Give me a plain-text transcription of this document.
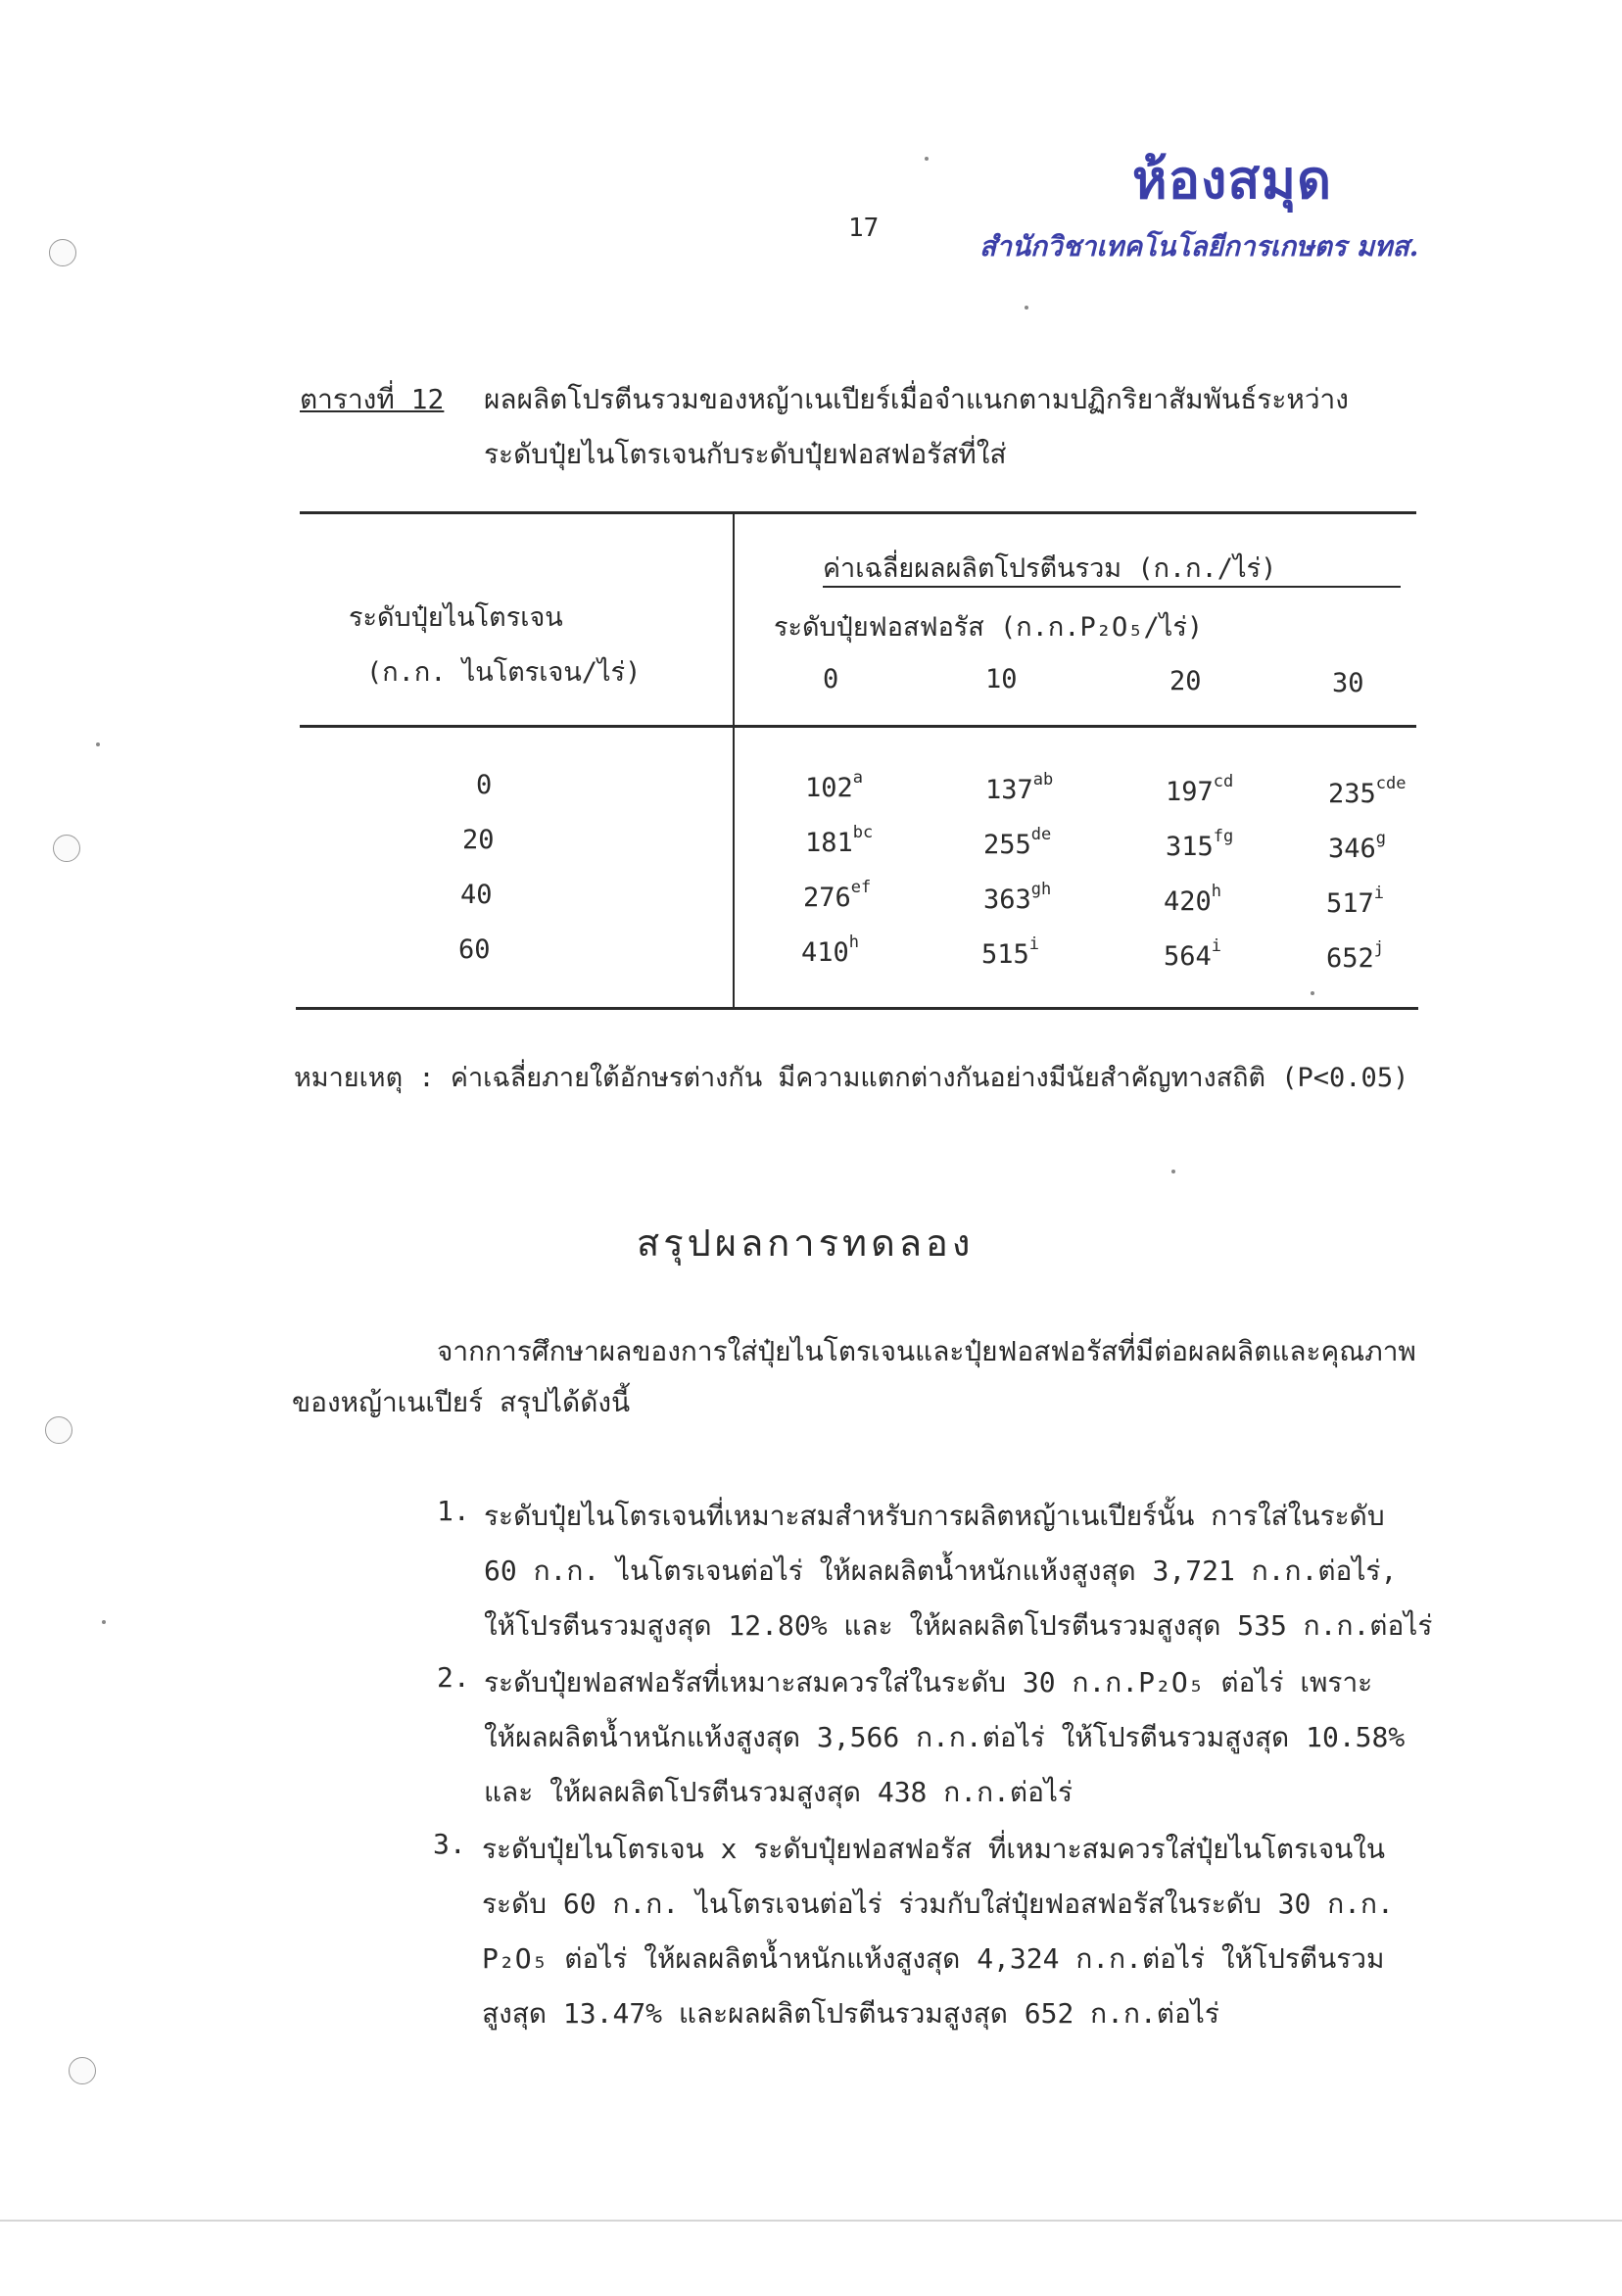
ห้องสมุด
สำนักวิชาเทคโนโลยีการเกษตร มทส.
17
ตารางที่ 12 ผลผลิตโปรตีนรวมของหญ้าเนเปียร์เมื่อจำแนกตามปฏิกริยาสัมพันธ์ระหว่าง
ระดับปุ๋ยไนโตรเจนกับระดับปุ๋ยฟอสฟอรัสที่ใส่
ระดับปุ๋ยไนโตรเจน
(ก.ก. ไนโตรเจน/ไร่)
ค่าเฉลี่ยผลผลิตโปรตีนรวม (ก.ก./ไร่)
ระดับปุ๋ยฟอสฟอรัส (ก.ก.P₂O₅/ไร่)
0	10	20	30
0	102$^a$	$137^{ab}$	$197^{cd}$	$235^{cde}$
20	$181^{bc}$	255de	$315^{fg}$	346$^g$
40	$276^{ef}$	$363^{gh}$	420$^h$	517$^i$
60	410$^h$	515$^i$	564$^i$	652$^j$
หมายเหตุ : ค่าเฉลี่ยภายใต้อักษรต่างกัน มีความแตกต่างกันอย่างมีนัยสำคัญทางสถิติ (P<0.05)
สรุปผลการทดลอง
จากการศึกษาผลของการใส่ปุ๋ยไนโตรเจนและปุ๋ยฟอสฟอรัสที่มีต่อผลผลิตและคุณภาพ
ของหญ้าเนเปียร์ สรุปได้ดังนี้
1. ระดับปุ๋ยไนโตรเจนที่เหมาะสมสำหรับการผลิตหญ้าเนเปียร์นั้น การใส่ในระดับ
60 ก.ก. ไนโตรเจนต่อไร่ ให้ผลผลิตน้ำหนักแห้งสูงสุด 3,721 ก.ก.ต่อไร่,
ให้โปรตีนรวมสูงสุด 12.80% และ ให้ผลผลิตโปรตีนรวมสูงสุด 535 ก.ก.ต่อไร่
2. ระดับปุ๋ยฟอสฟอรัสที่เหมาะสมควรใส่ในระดับ 30 ก.ก.P₂O₅ ต่อไร่ เพราะ
ให้ผลผลิตน้ำหนักแห้งสูงสุด 3,566 ก.ก.ต่อไร่ ให้โปรตีนรวมสูงสุด 10.58%
และ ให้ผลผลิตโปรตีนรวมสูงสุด 438 ก.ก.ต่อไร่
3. ระดับปุ๋ยไนโตรเจน x ระดับปุ๋ยฟอสฟอรัส ที่เหมาะสมควรใส่ปุ๋ยไนโตรเจนใน
ระดับ 60 ก.ก. ไนโตรเจนต่อไร่ ร่วมกับใส่ปุ๋ยฟอสฟอรัสในระดับ 30 ก.ก.
P₂O₅ ต่อไร่ ให้ผลผลิตน้ำหนักแห้งสูงสุด 4,324 ก.ก.ต่อไร่ ให้โปรตีนรวม
สูงสุด 13.47% และผลผลิตโปรตีนรวมสูงสุด 652 ก.ก.ต่อไร่
